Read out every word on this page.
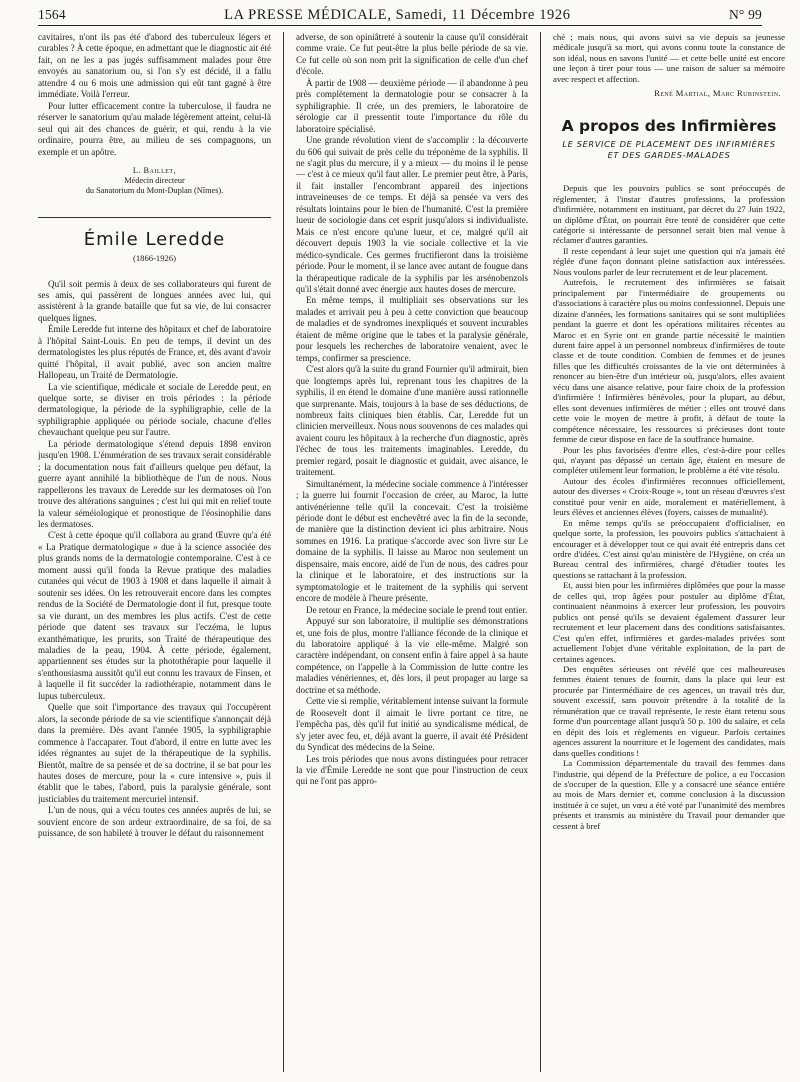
1564	LA PRESSE MÉDICALE, Samedi, 11 Décembre 1926	N° 99

cavitaires, n'ont ils pas été d'abord des tuberculeux légers et curables ? À cette époque, en admettant que le diagnostic ait été fait, on ne les a pas jugés suffisamment malades pour être envoyés au sanatorium ou, si l'on s'y est décidé, il a fallu attendre 4 ou 6 mois une admission qui eût tant gagné à être immédiate. Voilà l'erreur.

Pour lutter efficacement contre la tuberculose, il faudra ne réserver le sanatorium qu'au malade légèrement atteint, celui-là seul qui ait des chances de guérir, et qui, rendu à la vie ordinaire, pourra être, au milieu de ses compagnons, un exemple et un apôtre.

L. Baillet,
Médecin directeur
du Sanatorium du Mont-Duplan (Nîmes).
Émile Leredde
(1866-1926)

Qu'il soit permis à deux de ses collaborateurs qui furent de ses amis, qui passèrent de longues années avec lui, qui assistèrent à la grande bataille que fut sa vie, de lui consacrer quelques lignes.

Émile Leredde fut interne des hôpitaux et chef de laboratoire à l'hôpital Saint-Louis. En peu de temps, il devint un des dermatologistes les plus réputés de France, et, dès avant d'avoir quitté l'hôpital, il avait publié, avec son ancien maître Hallopeau, un Traité de Dermatologie.

La vie scientifique, médicale et sociale de Leredde peut, en quelque sorte, se diviser en trois périodes : la période dermatologique, la période de la syphiligraphie, celle de la syphiligraphie appliquée ou période sociale, chacune d'elles chevauchant quelque peu sur l'autre.

La période dermatologique s'étend depuis 1898 environ jusqu'en 1908. L'énumération de ses travaux serait considérable ; la documentation nous fait d'ailleurs quelque peu défaut, la guerre ayant annihilé la bibliothèque de l'un de nous. Nous rappellerons les travaux de Leredde sur les dermatoses où l'on trouve des altérations sanguines ; c'est lui qui mit en relief toute la valeur séméiologique et pronostique de l'éosinophilie dans les dermatoses.

C'est à cette époque qu'il collabora au grand Œuvre qu'a été « La Pratique dermatologique » due à la science associée des plus grands noms de la dermatologie contemporaine. C'est à ce moment aussi qu'il fonda la Revue pratique des maladies cutanées qui vécut de 1903 à 1908 et dans laquelle il aimait à soutenir ses idées. On les retrouverait encore dans les comptes rendus de la Société de Dermatologie dont il fut, presque toute sa vie durant, un des membres les plus actifs. C'est de cette période que datent ses travaux sur l'eczéma, le lupus exanthématique, les prurits, son Traité de thérapeutique des maladies de la peau, 1904. À cette période, également, appartiennent ses études sur la photothérapie pour laquelle il s'enthousiasma aussitôt qu'il eut connu les travaux de Finsen, et à laquelle il fit succéder la radiothérapie, notamment dans le lupus tuberculeux.

Quelle que soit l'importance des travaux qui l'occupèrent alors, la seconde période de sa vie scientifique s'annonçait déjà dans la première. Dès avant l'année 1905, la syphiligraphie commence à l'accaparer. Tout d'abord, il entre en lutte avec les idées régnantes au sujet de la thérapeutique de la syphilis. Bientôt, maître de sa pensée et de sa doctrine, il se bat pour les hautes doses de mercure, pour la « cure intensive », puis il établit que le tabes, l'abord, puis la paralysie générale, sont justiciables du traitement mercuriel intensif.

L'un de nous, qui a vécu toutes ces années auprès de lui, se souvient encore de son ardeur extraordinaire, de sa foi, de sa puissance, de son habileté à trouver le défaut du raisonnement

adverse, de son opiniâtreté à soutenir la cause qu'il considérait comme vraie. Ce fut peut-être la plus belle période de sa vie. Ce fut celle où son nom prit la signification de celle d'un chef d'école.

À partir de 1908 — deuxième période — il abandonne à peu près complètement la dermatologie pour se consacrer à la syphiligraphie. Il crée, un des premiers, le laboratoire de sérologie car il pressentit toute l'importance du rôle du laboratoire spécialisé.

Une grande révolution vient de s'accomplir : la découverte du 606 qui suivait de près celle du tréponème de la syphilis. Il ne s'agit plus du mercure, il y a mieux — du moins il le pense — c'est à ce mieux qu'il faut aller. Le premier peut être, à Paris, il fait installer l'encombrant appareil des injections intraveineuses de ce temps. Et déjà sa pensée va vers des résultats lointains pour le bien de l'humanité. C'est la première lueur de sociologie dans cet esprit jusqu'alors si individualiste. Mais ce n'est encore qu'une lueur, et ce, malgré qu'il ait découvert depuis 1903 la vie sociale collective et la vie médico-syndicale. Ces germes fructifieront dans la troisième période. Pour le moment, il se lance avec autant de fougue dans la thérapeutique radicale de la syphilis par les arsénobenzols qu'il s'était donné avec énergie aux hautes doses de mercure.

En même temps, il multipliait ses observations sur les malades et arrivait peu à peu à cette conviction que beaucoup de maladies et de syndromes inexpliqués et souvent incurables étaient de même origine que le tabes et la paralysie générale, pour lesquels les recherches de laboratoire venaient, avec le temps, confirmer sa prescience.

C'est alors qu'à la suite du grand Fournier qu'il admirait, bien que longtemps après lui, reprenant tous les chapitres de la syphilis, il en étend le domaine d'une manière aussi rationnelle que surprenante. Mais, toujours à la base de ses déductions, de nombreux faits cliniques bien établis. Car, Leredde fut un clinicien merveilleux. Nous nous souvenons de ces malades qui avaient couru les hôpitaux à la recherche d'un diagnostic, après l'échec de tous les traitements imaginables. Leredde, du premier regard, posait le diagnostic et guidait, avec aisance, le traitement.

Simultanément, la médecine sociale commence à l'intéresser ; la guerre lui fournit l'occasion de créer, au Maroc, la lutte antivénérienne telle qu'il la concevait. C'est la troisième période dont le début est enchevêtré avec la fin de la seconde, de manière que la distinction devient ici plus arbitraire. Nous sommes en 1916. La pratique s'accorde avec son livre sur Le domaine de la syphilis. Il laisse au Maroc non seulement un dispensaire, mais encore, aidé de l'un de nous, des cadres pour la clinique et le laboratoire, et des instructions sur la symptomatologie et le traitement de la syphilis qui servent encore de modèle à l'heure présente.

De retour en France, la médecine sociale le prend tout entier.

Appuyé sur son laboratoire, il multiplie ses démonstrations et, une fois de plus, montre l'alliance féconde de la clinique et du laboratoire appliqué à la vie elle-même. Malgré son caractère indépendant, on consent enfin à faire appel à sa haute compétence, on l'appelle à la Commission de lutte contre les maladies vénériennes, et, dès lors, il peut propager au large sa doctrine et sa méthode.

Cette vie si remplie, véritablement intense suivant la formule de Roosevelt dont il aimait le livre portant ce titre, ne l'empêcha pas, dès qu'il fut initié au syndicalisme médical, de s'y jeter avec feu, et, déjà avant la guerre, il avait été Président du Syndicat des médecins de la Seine.

Les trois périodes que nous avons distinguées pour retracer la vie d'Émile Leredde ne sont que pour l'instruction de ceux qui ne l'ont pas appro-

ché ; mais nous, qui avons suivi sa vie depuis sa jeunesse médicale jusqu'à sa mort, qui avons connu toute la constance de son idéal, nous en savons l'unité — et cette belle unité est encore une leçon à tirer pour tous — une raison de saluer sa mémoire avec respect et affection.

René Martial, Marc Rubinstein.
A propos des Infirmières
LE SERVICE DE PLACEMENT DES INFIRMIÈRES
ET DES GARDES-MALADES

Depuis que les pouvoirs publics se sont préoccupés de réglementer, à l'instar d'autres professions, la profession d'infirmière, notamment en instituant, par décret du 27 Juin 1922, un diplôme d'État, on pourrait être tenté de considérer que cette catégorie si intéressante de personnel serait bien mal venue à réclamer d'autres garanties.

Il reste cependant à leur sujet une question qui n'a jamais été réglée d'une façon donnant pleine satisfaction aux intéressées. Nous voulons parler de leur recrutement et de leur placement.

Autrefois, le recrutement des infirmières se faisait principalement par l'intermédiaire de groupements ou d'associations à caractère plus ou moins confessionnel. Depuis une dizaine d'années, les formations sanitaires qui se sont multipliées pendant la guerre et dont les opérations militaires récentes au Maroc et en Syrie ont en grande partie nécessité le maintien durent faire appel à un personnel nombreux d'infirmières de toute classe et de toute condition. Combien de femmes et de jeunes filles que les difficultés croissantes de la vie ont déterminées à renoncer au bien-être d'un intérieur où, jusqu'alors, elles avaient vécu dans une aisance relative, pour faire choix de la profession d'infirmière ! Infirmières bénévoles, pour la plupart, au début, elles sont devenues infirmières de métier ; elles ont trouvé dans cette voie le moyen de mettre à profit, à défaut de toute la compétence nécessaire, les ressources si précieuses dont toute femme de cœur dispose en face de la souffrance humaine.

Pour les plus favorisées d'entre elles, c'est-à-dire pour celles qui, n'ayant pas dépassé un certain âge, étaient en mesure de compléter utilement leur formation, le problème a été vite résolu.

Autour des écoles d'infirmières reconnues officiellement, autour des diverses « Croix-Rouge », tout un réseau d'œuvres s'est constitué pour venir en aide, moralement et matériellement, à leurs élèves et anciennes élèves (foyers, caisses de mutualité).

En même temps qu'ils se préoccupaient d'officialiser, en quelque sorte, la profession, les pouvoirs publics s'attachaient à encourager et à développer tout ce qui avait été entrepris dans cet ordre d'idées. C'est ainsi qu'au ministère de l'Hygiène, on créa un Bureau central des infirmières, chargé d'étudier toutes les questions se rattachant à la profession.

Et, aussi bien pour les infirmières diplômées que pour la masse de celles qui, trop âgées pour postuler au diplôme d'État, continuaient néanmoins à exercer leur profession, les pouvoirs publics ont pensé qu'ils se devaient également d'assurer leur recrutement et leur placement dans des conditions satisfaisantes. C'est qu'en effet, infirmières et gardes-malades privées sont actuellement l'objet d'une véritable exploitation, de la part de certaines agences.

Des enquêtes sérieuses ont révélé que ces malheureuses femmes étaient tenues de fournir, dans la place qui leur est procurée par l'intermédiaire de ces agences, un travail très dur, souvent excessif, sans pouvoir prétendre à la totalité de la rémunération que ce travail représente, le reste étant retenu sous forme d'un pourcentage allant jusqu'à 50 p. 100 du salaire, et cela en dépit des lois et règlements en vigueur. Parfois certaines agences assurent la nourriture et le logement des candidates, mais dans quelles conditions !

La Commission départementale du travail des femmes dans l'industrie, qui dépend de la Préfecture de police, a eu l'occasion de s'occuper de la question. Elle y a consacré une séance entière au mois de Mars dernier et, comme conclusion à la discussion instituée à ce sujet, un vœu a été voté par l'unanimité des membres présents et transmis au ministère du Travail pour demander que cessent à bref
